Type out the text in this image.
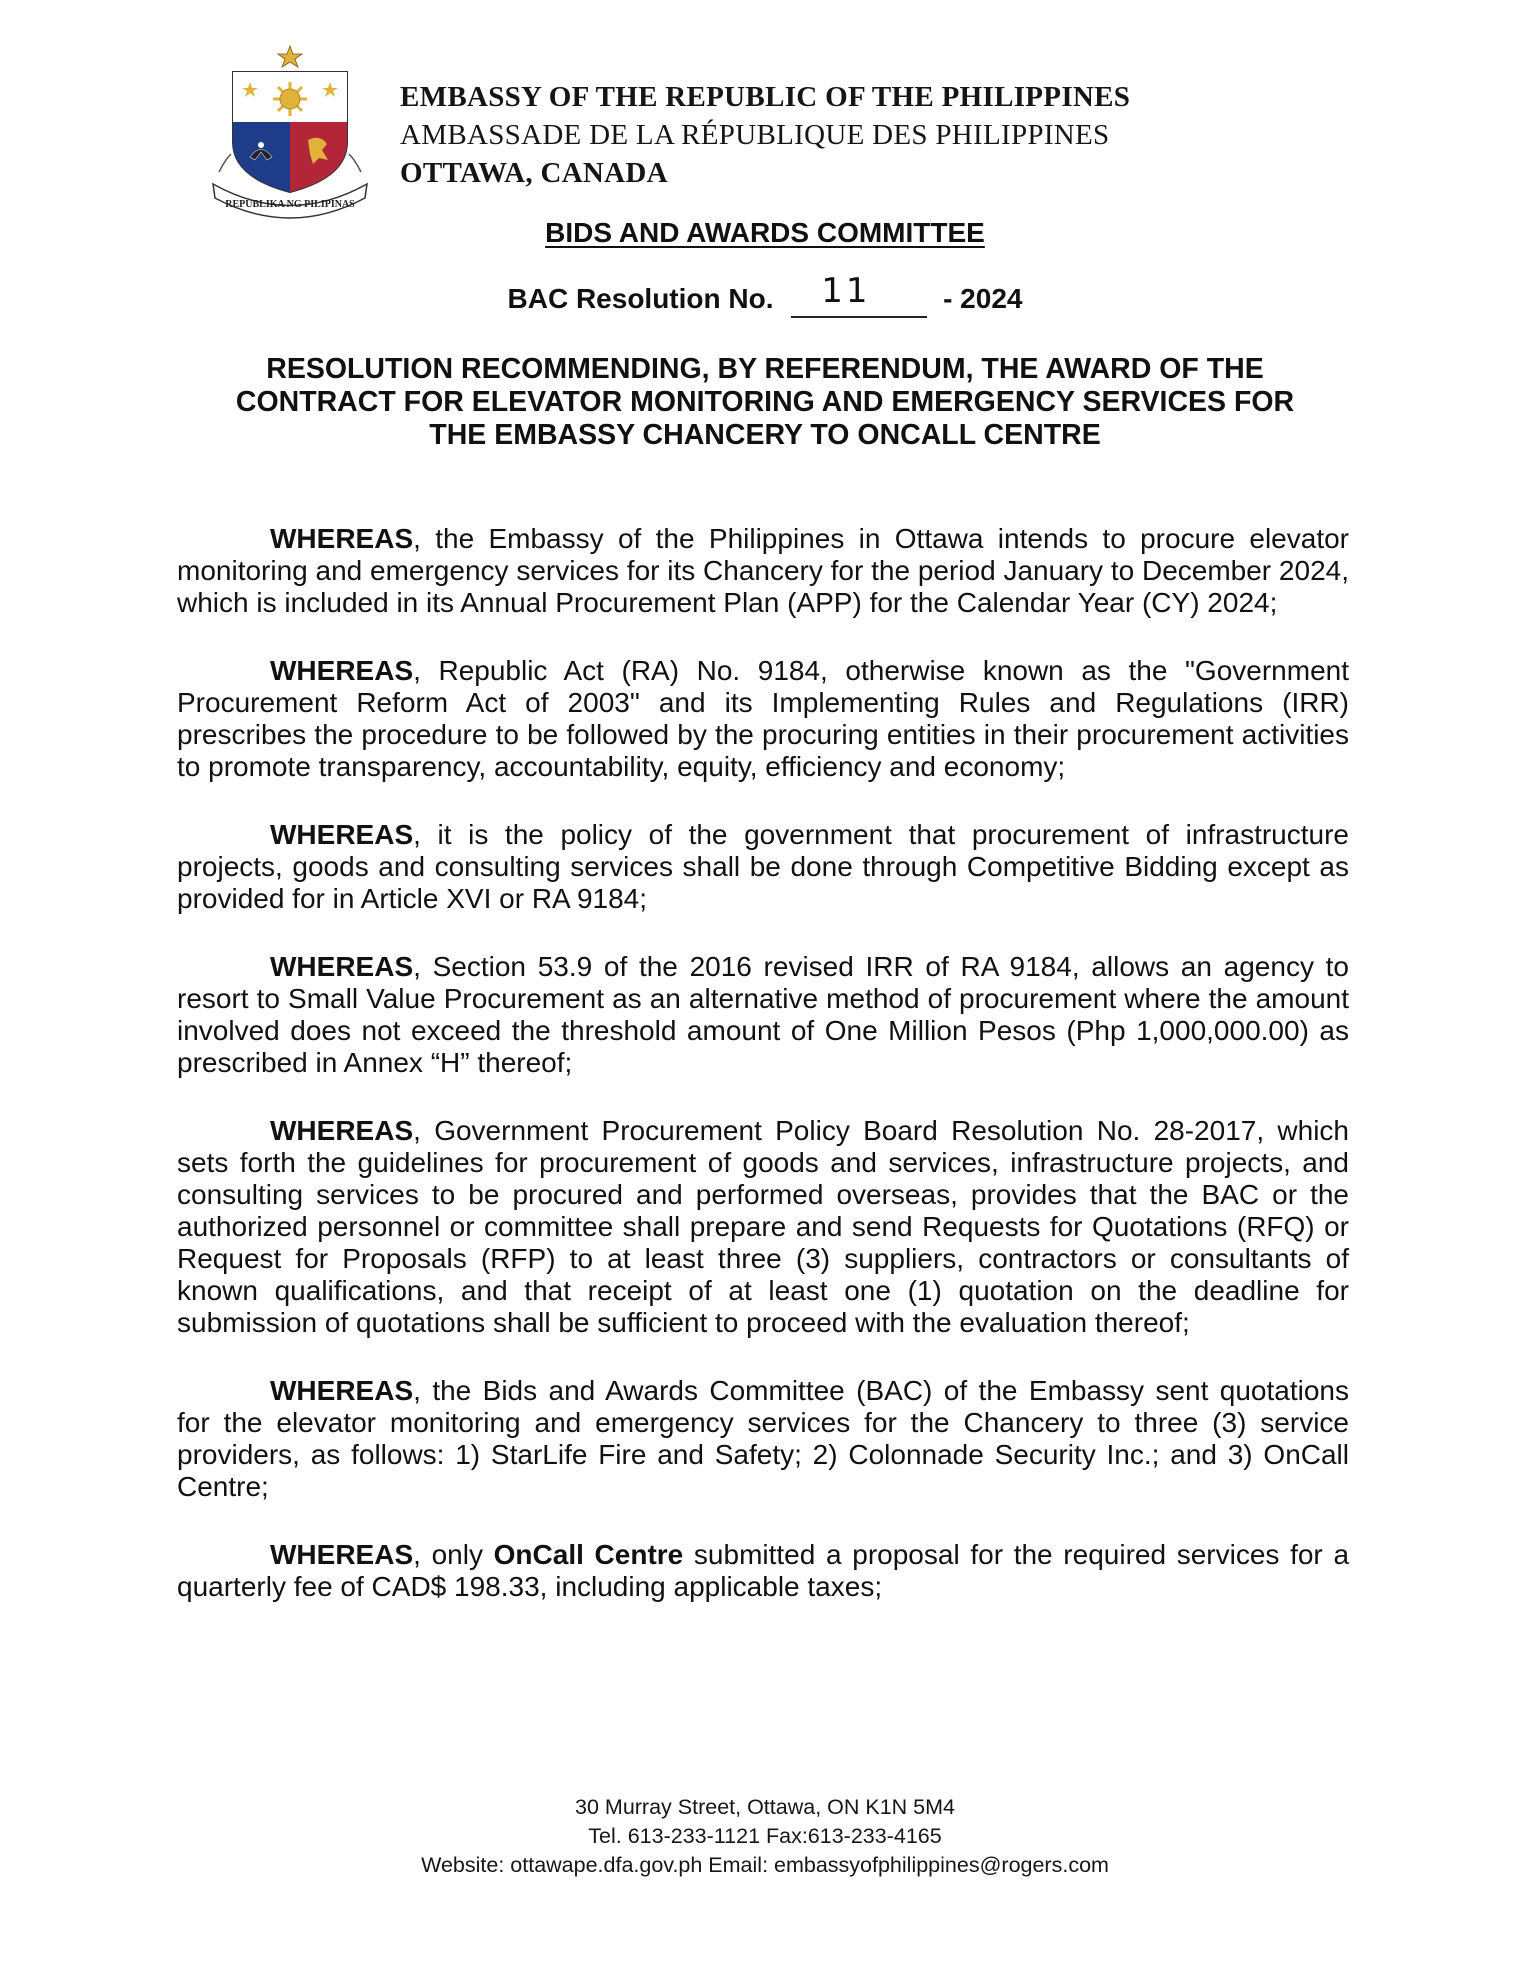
REPUBLIKA NG PILIPINAS
EMBASSY OF THE REPUBLIC OF THE PHILIPPINES
AMBASSADE DE LA RÉPUBLIQUE DES PHILIPPINES
OTTAWA, CANADA
BIDS AND AWARDS COMMITTEE
BAC Resolution No. 11	- 2024
RESOLUTION RECOMMENDING, BY REFERENDUM, THE AWARD OF THE
CONTRACT FOR ELEVATOR MONITORING AND EMERGENCY SERVICES FOR
THE EMBASSY CHANCERY TO ONCALL CENTRE

WHEREAS, the Embassy of the Philippines in Ottawa intends to procure elevator monitoring and emergency services for its Chancery for the period January to December 2024, which is included in its Annual Procurement Plan (APP) for the Calendar Year (CY) 2024;

WHEREAS, Republic Act (RA) No. 9184, otherwise known as the "Government Procurement Reform Act of 2003" and its Implementing Rules and Regulations (IRR) prescribes the procedure to be followed by the procuring entities in their procurement activities to promote transparency, accountability, equity, efficiency and economy;

WHEREAS, it is the policy of the government that procurement of infrastructure projects, goods and consulting services shall be done through Competitive Bidding except as provided for in Article XVI or RA 9184;

WHEREAS, Section 53.9 of the 2016 revised IRR of RA 9184, allows an agency to resort to Small Value Procurement as an alternative method of procurement where the amount involved does not exceed the threshold amount of One Million Pesos (Php 1,000,000.00) as prescribed in Annex “H” thereof;

WHEREAS, Government Procurement Policy Board Resolution No. 28-2017, which sets forth the guidelines for procurement of goods and services, infrastructure projects, and consulting services to be procured and performed overseas, provides that the BAC or the authorized personnel or committee shall prepare and send Requests for Quotations (RFQ) or Request for Proposals (RFP) to at least three (3) suppliers, contractors or consultants of known qualifications, and that receipt of at least one (1) quotation on the deadline for submission of quotations shall be sufficient to proceed with the evaluation thereof;

WHEREAS, the Bids and Awards Committee (BAC) of the Embassy sent quotations for the elevator monitoring and emergency services for the Chancery to three (3) service providers, as follows: 1) StarLife Fire and Safety; 2) Colonnade Security Inc.; and 3) OnCall Centre;

WHEREAS, only OnCall Centre submitted a proposal for the required services for a quarterly fee of CAD$ 198.33, including applicable taxes;

30 Murray Street, Ottawa, ON K1N 5M4
Tel. 613-233-1121 Fax:613-233-4165
Website: ottawape.dfa.gov.ph Email: embassyofphilippines@rogers.com
